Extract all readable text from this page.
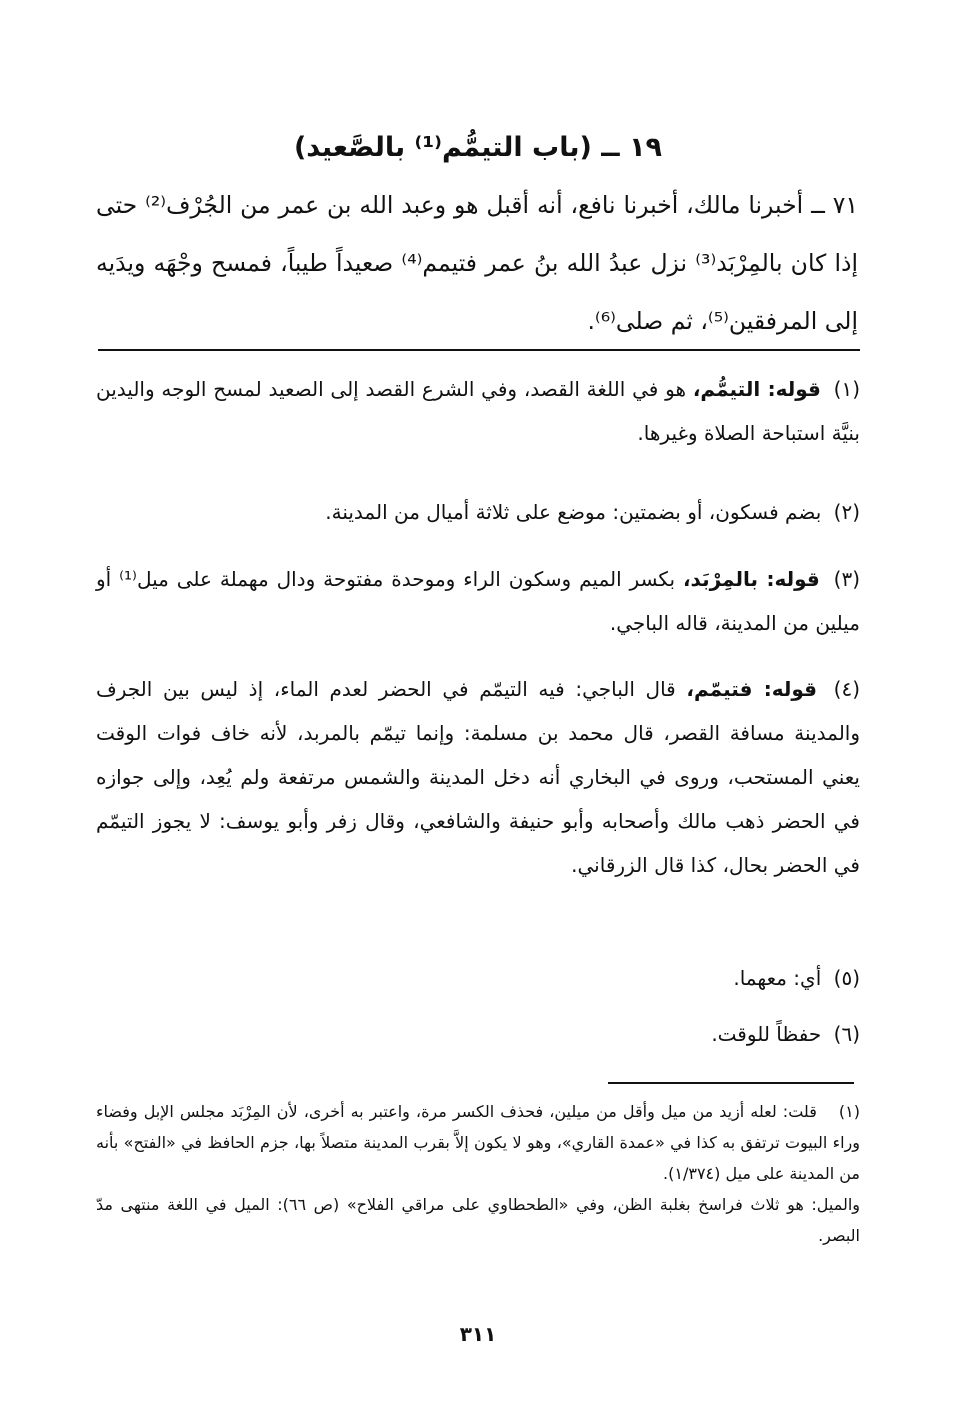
١٩ ــ (باب التيمُّم⁽¹⁾ بالصَّعيد)

٧١ ــ أخبرنا مالك، أخبرنا نافع، أنه أقبل هو وعبد الله بن عمر من الجُرْف⁽²⁾ حتى إذا كان بالمِرْبَد⁽³⁾ نزل عبدُ الله بنُ عمر فتيمم⁽⁴⁾ صعيداً طيباً، فمسح وجْهَه ويدَيه إلى المرفقين⁽⁵⁾، ثم صلى⁽⁶⁾.

(١) قوله: التيمُّم، هو في اللغة القصد، وفي الشرع القصد إلى الصعيد لمسح الوجه واليدين بنيَّة استباحة الصلاة وغيرها.

(٢) بضم فسكون، أو بضمتين: موضع على ثلاثة أميال من المدينة.

(٣) قوله: بالمِرْبَد، بكسر الميم وسكون الراء وموحدة مفتوحة ودال مهملة على ميل⁽¹⁾ أو ميلين من المدينة، قاله الباجي.

(٤) قوله: فتيمّم، قال الباجي: فيه التيمّم في الحضر لعدم الماء، إذ ليس بين الجرف والمدينة مسافة القصر، قال محمد بن مسلمة: وإنما تيمّم بالمربد، لأنه خاف فوات الوقت يعني المستحب، وروى في البخاري أنه دخل المدينة والشمس مرتفعة ولم يُعِد، وإلى جوازه في الحضر ذهب مالك وأصحابه وأبو حنيفة والشافعي، وقال زفر وأبو يوسف: لا يجوز التيمّم في الحضر بحال، كذا قال الزرقاني.

(٥) أي: معهما.

(٦) حفظاً للوقت.

(١) قلت: لعله أزيد من ميل وأقل من ميلين، فحذف الكسر مرة، واعتبر به أخرى، لأن المِرْبَد مجلس الإبل وفضاء وراء البيوت ترتفق به كذا في «عمدة القاري»، وهو لا يكون إلاَّ بقرب المدينة متصلاً بها، جزم الحافظ في «الفتح» بأنه من المدينة على ميل (١/٣٧٤).

والميل: هو ثلاث فراسخ بغلبة الظن، وفي «الطحطاوي على مراقي الفلاح» (ص ٦٦): الميل في اللغة منتهى مدّ البصر.

٣١١
